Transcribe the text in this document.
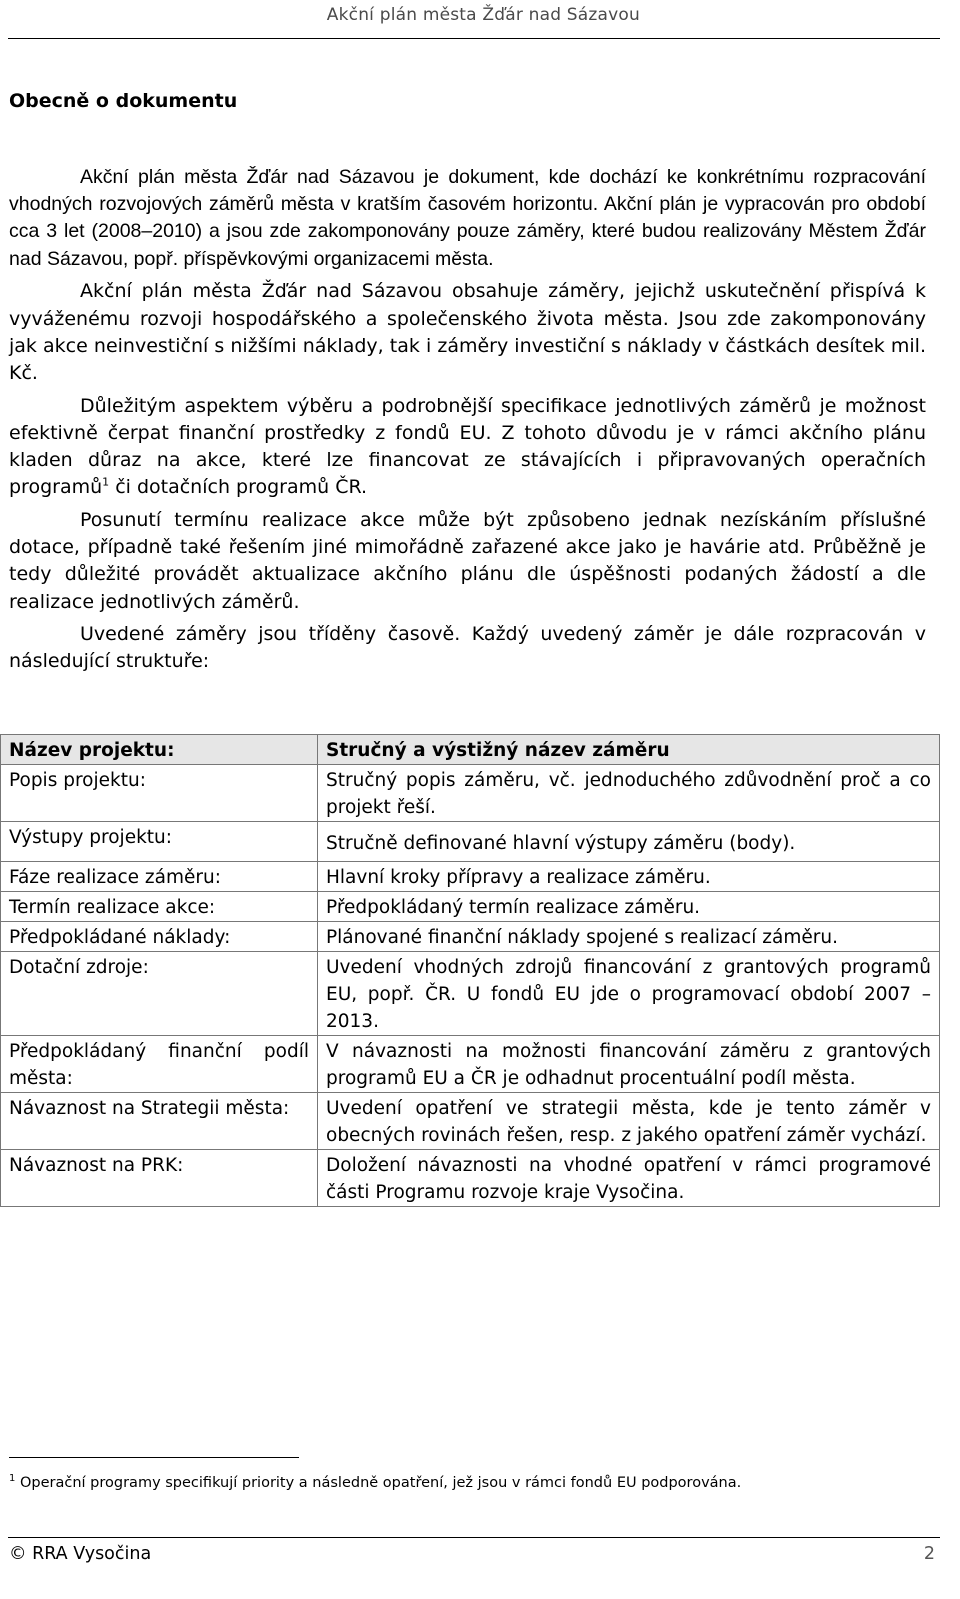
Akční plán města Žďár nad Sázavou
Obecně o dokumentu

Akční plán města Žďár nad Sázavou je dokument, kde dochází ke konkrétnímu rozpracování vhodných rozvojových záměrů města v kratším časovém horizontu. Akční plán je vypracován pro období cca 3 let (2008–2010) a jsou zde zakomponovány pouze záměry, které budou realizovány Městem Žďár nad Sázavou, popř. příspěvkovými organizacemi města.

Akční plán města Žďár nad Sázavou obsahuje záměry, jejichž uskutečnění přispívá k vyváženému rozvoji hospodářského a společenského života města. Jsou zde zakomponovány jak akce neinvestiční s nižšími náklady, tak i záměry investiční s náklady v částkách desítek mil. Kč.

Důležitým aspektem výběru a podrobnější specifikace jednotlivých záměrů je možnost efektivně čerpat finanční prostředky z fondů EU. Z tohoto důvodu je v rámci akčního plánu kladen důraz na akce, které lze financovat ze stávajících i připravovaných operačních programů$^1$ či dotačních programů ČR.

Posunutí termínu realizace akce může být způsobeno jednak nezískáním příslušné dotace, případně také řešením jiné mimořádně zařazené akce jako je havárie atd. Průběžně je tedy důležité provádět aktualizace akčního plánu dle úspěšnosti podaných žádostí a dle realizace jednotlivých záměrů.

Uvedené záměry jsou tříděny časově. Každý uvedený záměr je dále rozpracován v následující struktuře:

Název projektu:	Stručný a výstižný název záměru
Popis projektu:	Stručný popis záměru, vč. jednoduchého zdůvodnění proč a co projekt řeší.
Výstupy projektu:	Stručně definované hlavní výstupy záměru (body).
Fáze realizace záměru:	Hlavní kroky přípravy a realizace záměru.
Termín realizace akce:	Předpokládaný termín realizace záměru.
Předpokládané náklady:	Plánované finanční náklady spojené s realizací záměru.
Dotační zdroje:	Uvedení vhodných zdrojů financování z grantových programů EU, popř. ČR. U fondů EU jde o programovací období 2007 – 2013.
Předpokládaný finanční podíl města:	V návaznosti na možnosti financování záměru z grantových programů EU a ČR je odhadnut procentuální podíl města.
Návaznost na Strategii města:	Uvedení opatření ve strategii města, kde je tento záměr v obecných rovinách řešen, resp. z jakého opatření záměr vychází.
Návaznost na PRK:	Doložení návaznosti na vhodné opatření v rámci programové části Programu rozvoje kraje Vysočina.
$^1$ Operační programy specifikují priority a následně opatření, jež jsou v rámci fondů EU podporována.
© RRA Vysočina	2
